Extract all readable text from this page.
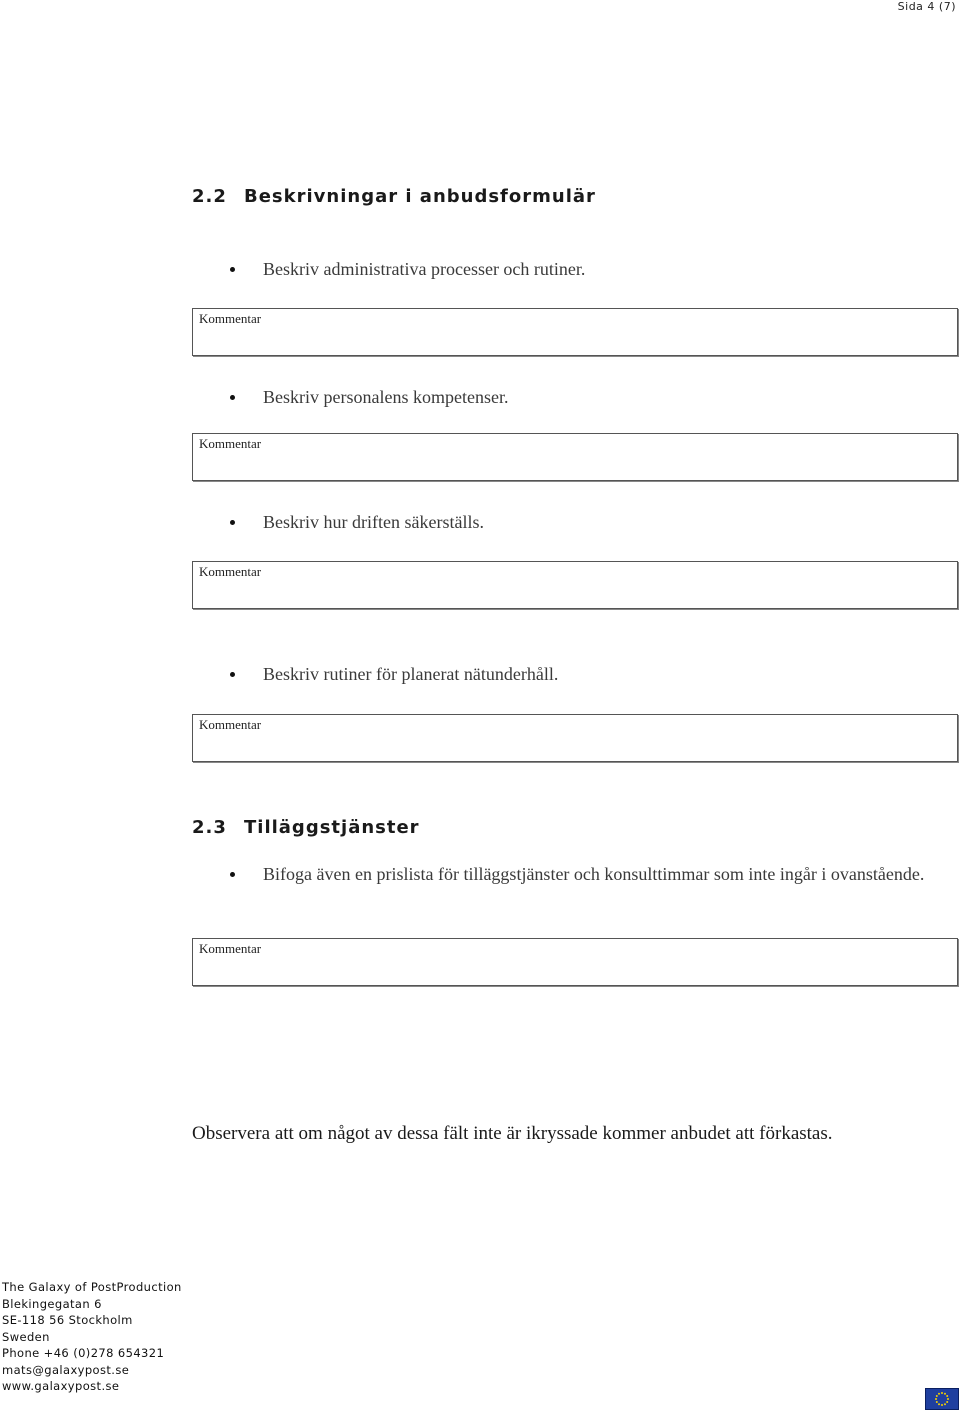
Sida 4 (7)
2.2 Beskrivningar i anbudsformulär
Beskriv administrativa processer och rutiner.
Kommentar
Beskriv personalens kompetenser.
Kommentar
Beskriv hur driften säkerställs.
Kommentar
Beskriv rutiner för planerat nätunderhåll.
Kommentar
2.3 Tilläggstjänster
Bifoga även en prislista för tilläggstjänster och konsulttimmar som inte ingår i ovanstående.
Kommentar
Observera att om något av dessa fält inte är ikryssade kommer anbudet att förkastas.
The Galaxy of PostProduction
Blekingegatan 6
SE-118 56 Stockholm
Sweden
Phone +46 (0)278 654321
mats@galaxypost.se
www.galaxypost.se
